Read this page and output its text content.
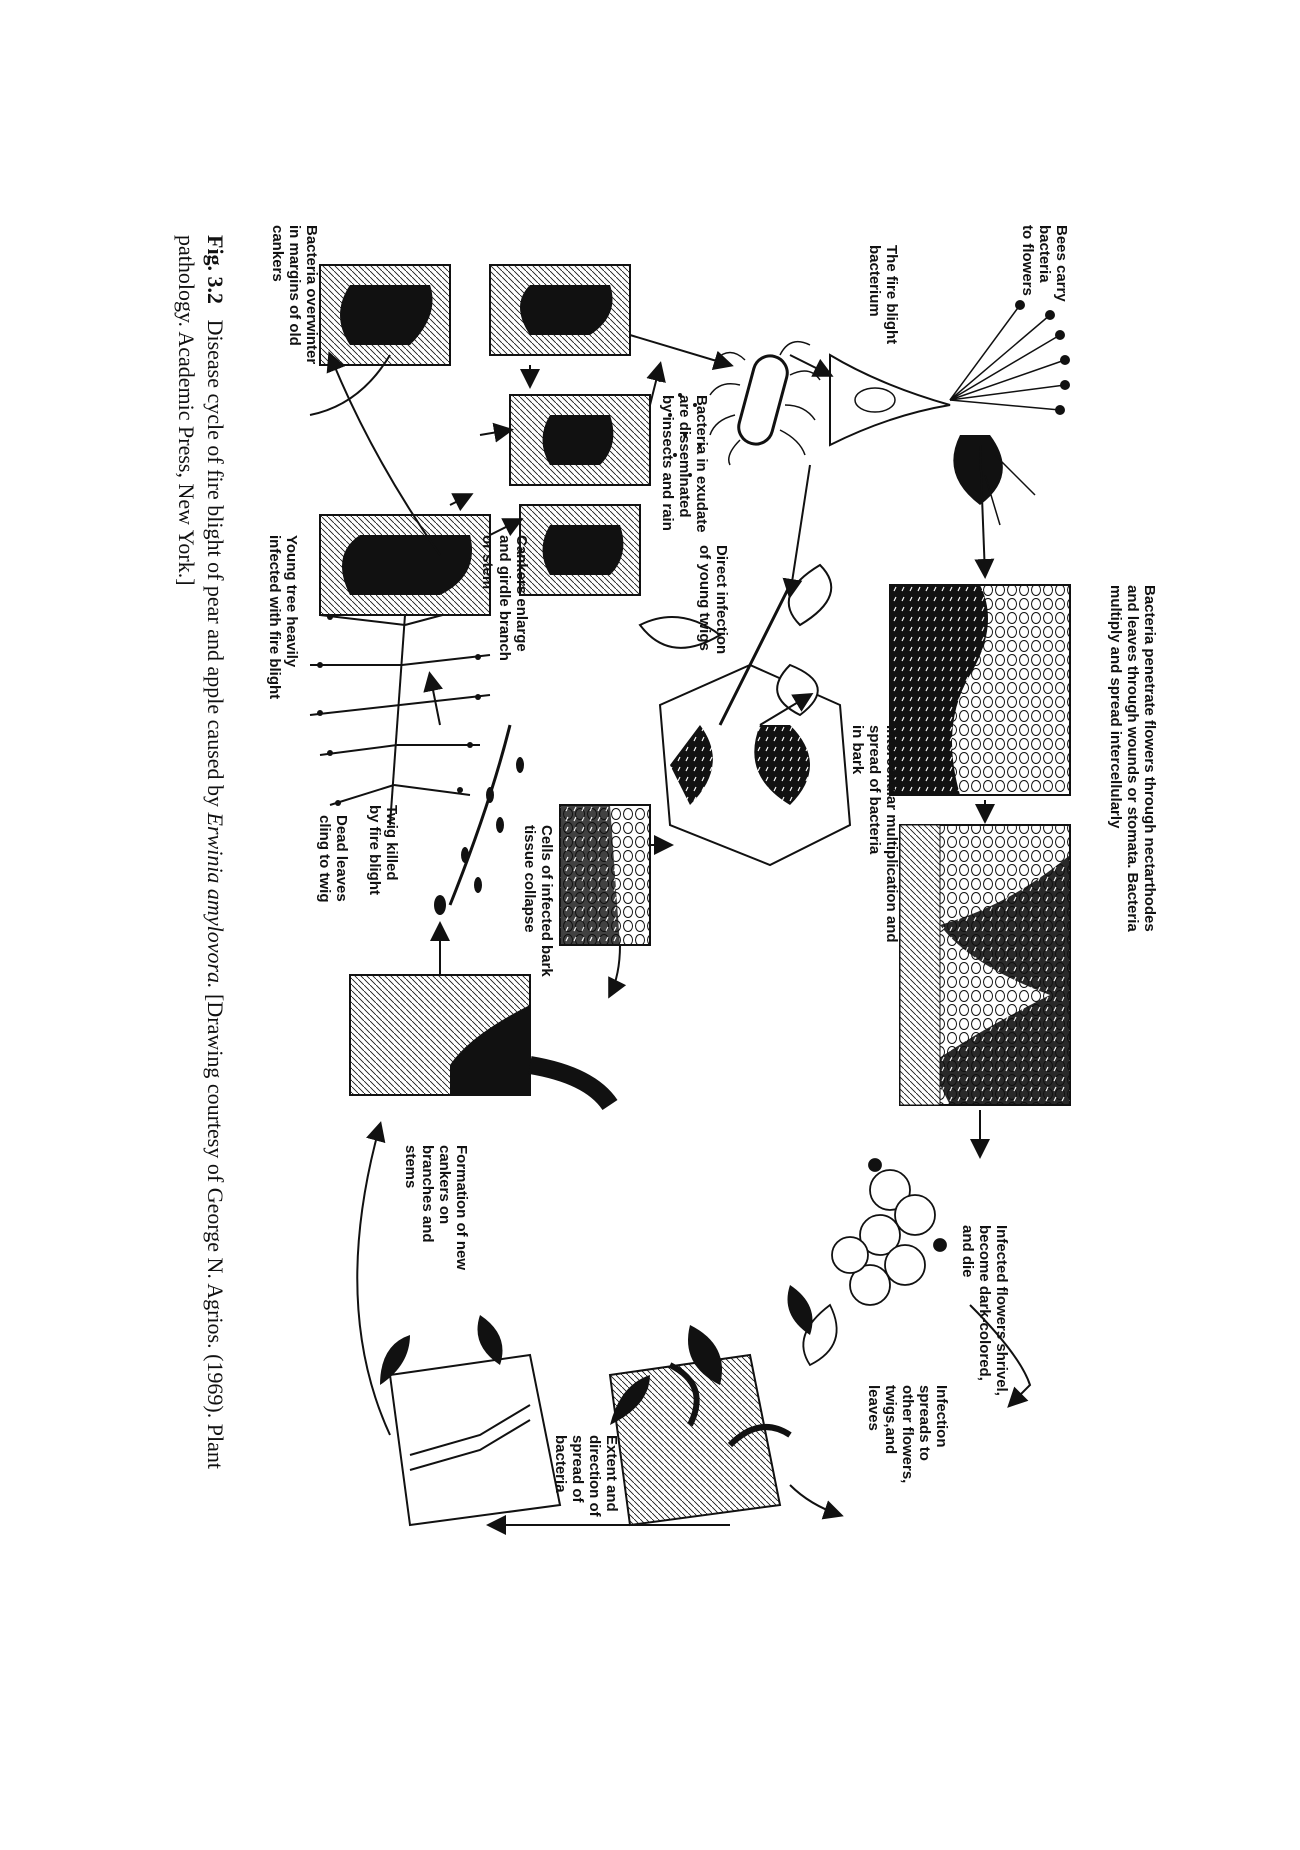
Bees carry
bacteria
to flowers
Bacteria penetrate flowers through nectarthodes
and leaves through wounds or stomata. Bacteria
multiply and spread intercellularly
Infected flowers shrivel,
become dark-colored,
and die
Infection
spreads to
other flowers,
twigs,and
leaves
Extent and
direction of
spread of
bacteria
Formation of new
cankers on
branches and
stems
Twig killed
by fire blight
Dead leaves
cling to twig
Young tree heavily
infected with fire blight
Intercellular multiplication and
spread of bacteria
in bark
Cells of infected bark
tissue collapse
Direct infection
of young twigs
Bacteria in exudate
are disseminated
by insects and rain
Cankers enlarge
and girdle branch
or stem
The fire blight
bacterium
Bacteria overwinter
in margins of old
cankers
Fig. 3.2 Disease cycle of fire blight of pear and apple caused by Erwinia amylovora. [Drawing courtesy of George N. Agrios. (1969). Plant pathology. Academic Press, New York.]
